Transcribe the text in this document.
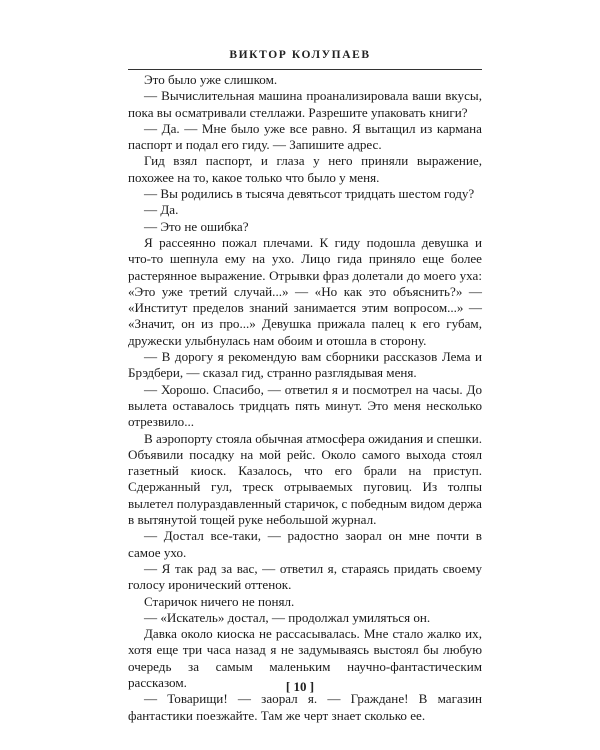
ВИКТОР КОЛУПАЕВ

Это было уже слишком.

— Вычислительная машина проанализировала ваши вкусы, пока вы осматривали стеллажи. Разрешите упаковать книги?

— Да. — Мне было уже все равно. Я вытащил из кармана паспорт и подал его гиду. — Запишите адрес.

Гид взял паспорт, и глаза у него приняли выражение, похожее на то, какое только что было у меня.

— Вы родились в тысяча девятьсот тридцать шестом году?

— Да.

— Это не ошибка?

Я рассеянно пожал плечами. К гиду подошла девушка и что-то шепнула ему на ухо. Лицо гида приняло еще более растерянное выражение. Отрывки фраз долетали до моего уха: «Это уже третий случай...» — «Но как это объяснить?» — «Институт пределов знаний занимается этим вопросом...» — «Значит, он из про...» Девушка прижала палец к его губам, дружески улыбнулась нам обоим и отошла в сторону.

— В дорогу я рекомендую вам сборники рассказов Лема и Брэдбери, — сказал гид, странно разглядывая меня.

— Хорошо. Спасибо, — ответил я и посмотрел на часы. До вылета оставалось тридцать пять минут. Это меня несколько отрезвило...

В аэропорту стояла обычная атмосфера ожидания и спешки. Объявили посадку на мой рейс. Около самого выхода стоял газетный киоск. Казалось, что его брали на приступ. Сдержанный гул, треск отрываемых пуговиц. Из толпы вылетел полураздавленный старичок, с победным видом держа в вытянутой тощей руке небольшой журнал.

— Достал все-таки, — радостно заорал он мне почти в самое ухо.

— Я так рад за вас, — ответил я, стараясь придать своему голосу иронический оттенок.

Старичок ничего не понял.

— «Искатель» достал, — продолжал умиляться он.

Давка около киоска не рассасывалась. Мне стало жалко их, хотя еще три часа назад я не задумываясь выстоял бы любую очередь за самым маленьким научно-фантастическим рассказом.

— Товарищи! — заорал я. — Граждане! В магазин фантастики поезжайте. Там же черт знает сколько ее.

[ 10 ]
